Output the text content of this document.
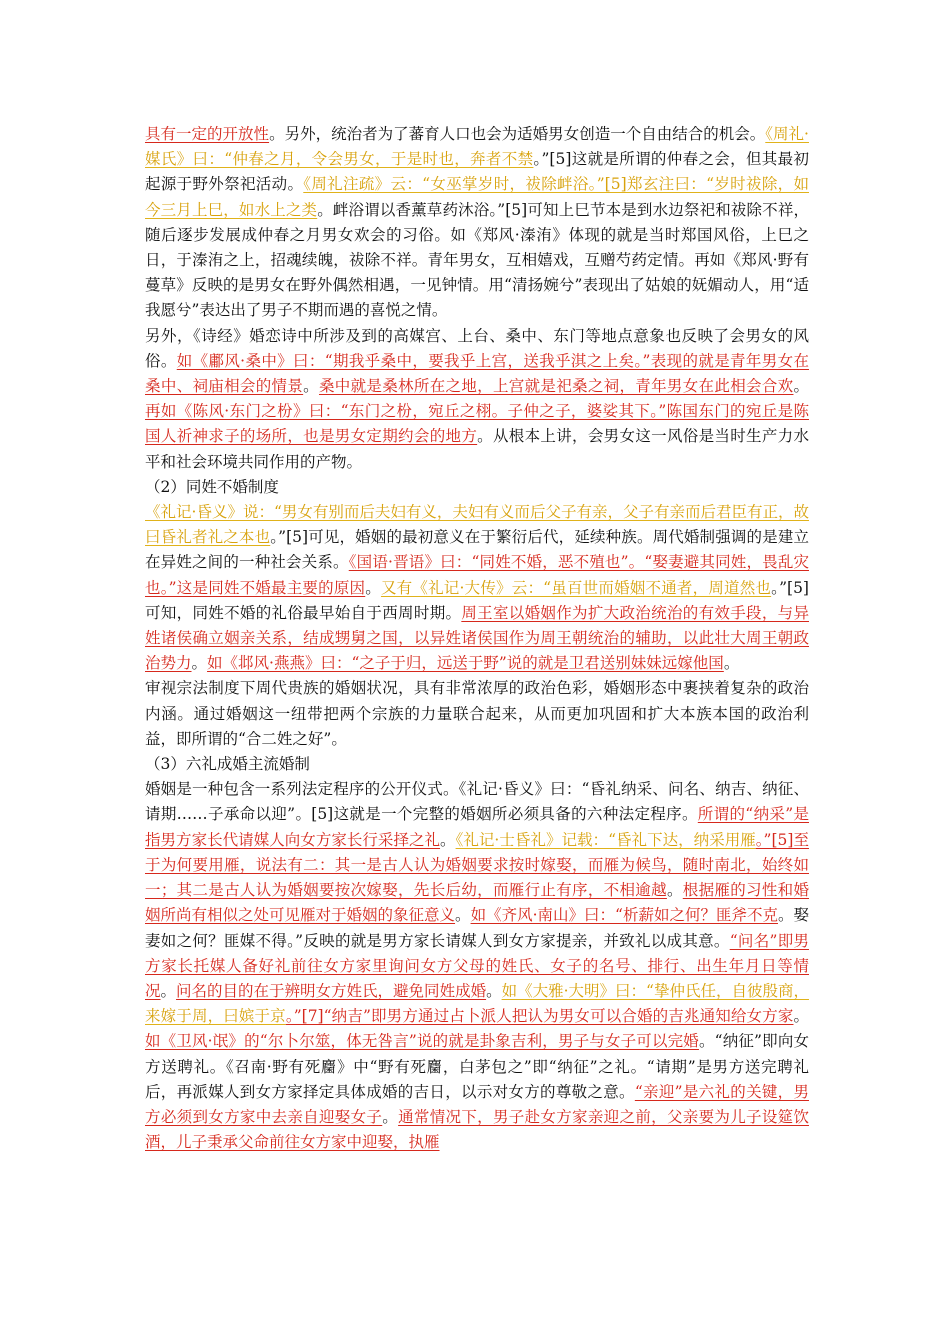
具有一定的开放性。另外，统治者为了蕃育人口也会为适婚男女创造一个自由结合的机会。《周礼·媒氏》曰：“仲春之月，令会男女，于是时也，奔者不禁。”[5]这就是所谓的仲春之会，但其最初起源于野外祭祀活动。《周礼注疏》云：“女巫掌岁时，祓除衅浴。”[5]郑玄注曰：“岁时祓除，如今三月上巳，如水上之类。衅浴谓以香薰草药沐浴。”[5]可知上巳节本是到水边祭祀和祓除不祥，随后逐步发展成仲春之月男女欢会的习俗。如《郑风·溱洧》体现的就是当时郑国风俗，上巳之日，于溱洧之上，招魂续魄，祓除不祥。青年男女，互相嬉戏，互赠芍药定情。再如《郑风·野有蔓草》反映的是男女在野外偶然相遇，一见钟情。用“清扬婉兮”表现出了姑娘的妩媚动人，用“适我愿兮”表达出了男子不期而遇的喜悦之情。

另外，《诗经》婚恋诗中所涉及到的高媒宫、上台、桑中、东门等地点意象也反映了会男女的风俗。如《鄘风·桑中》曰：“期我乎桑中，要我乎上宫，送我乎淇之上矣。”表现的就是青年男女在桑中、祠庙相会的情景。桑中就是桑林所在之地，上宫就是祀桑之祠，青年男女在此相会合欢。再如《陈风·东门之枌》曰：“东门之枌，宛丘之栩。子仲之子，婆娑其下。”陈国东门的宛丘是陈国人祈神求子的场所，也是男女定期约会的地方。从根本上讲，会男女这一风俗是当时生产力水平和社会环境共同作用的产物。

（2）同姓不婚制度

《礼记·昏义》说：“男女有别而后夫妇有义，夫妇有义而后父子有亲，父子有亲而后君臣有正，故曰昏礼者礼之本也。”[5]可见，婚姻的最初意义在于繁衍后代，延续种族。周代婚制强调的是建立在异姓之间的一种社会关系。《国语·晋语》曰：“同姓不婚，恶不殖也”。“娶妻避其同姓，畏乱灾也。”这是同姓不婚最主要的原因。又有《礼记·大传》云：“虽百世而婚姻不通者，周道然也。”[5]可知，同姓不婚的礼俗最早始自于西周时期。周王室以婚姻作为扩大政治统治的有效手段，与异姓诸侯确立姻亲关系，结成甥舅之国，以异姓诸侯国作为周王朝统治的辅助，以此壮大周王朝政治势力。如《邶风·燕燕》曰：“之子于归，远送于野”说的就是卫君送别妹妹远嫁他国。

审视宗法制度下周代贵族的婚姻状况，具有非常浓厚的政治色彩，婚姻形态中裹挟着复杂的政治内涵。通过婚姻这一纽带把两个宗族的力量联合起来，从而更加巩固和扩大本族本国的政治利益，即所谓的“合二姓之好”。

（3）六礼成婚主流婚制

婚姻是一种包含一系列法定程序的公开仪式。《礼记·昏义》曰：“昏礼纳采、问名、纳吉、纳征、请期……子承命以迎”。[5]这就是一个完整的婚姻所必须具备的六种法定程序。所谓的“纳采”是指男方家长代请媒人向女方家长行采择之礼。《礼记·士昏礼》记载：“昏礼下达，纳采用雁。”[5]至于为何要用雁，说法有二：其一是古人认为婚姻要求按时嫁娶，而雁为候鸟，随时南北，始终如一；其二是古人认为婚姻要按次嫁娶，先长后幼，而雁行止有序，不相逾越。根据雁的习性和婚姻所尚有相似之处可见雁对于婚姻的象征意义。如《齐风·南山》曰：“析薪如之何？匪斧不克。娶妻如之何？匪媒不得。”反映的就是男方家长请媒人到女方家提亲，并致礼以成其意。“问名”即男方家长托媒人备好礼前往女方家里询问女方父母的姓氏、女子的名号、排行、出生年月日等情况。问名的目的在于辨明女方姓氏，避免同姓成婚。如《大雅·大明》曰：“挚仲氏任，自彼殷商，来嫁于周，曰嫔于京。”[7]“纳吉”即男方通过占卜派人把认为男女可以合婚的吉兆通知给女方家。如《卫风·氓》的“尔卜尔筮，体无咎言”说的就是卦象吉利，男子与女子可以完婚。“纳征”即向女方送聘礼。《召南·野有死麕》中“野有死麕，白茅包之”即“纳征”之礼。“请期”是男方送完聘礼后，再派媒人到女方家择定具体成婚的吉日，以示对女方的尊敬之意。“亲迎”是六礼的关键，男方必须到女方家中去亲自迎娶女子。通常情况下，男子赴女方家亲迎之前，父亲要为儿子设筵饮酒，儿子秉承父命前往女方家中迎娶，执雁
